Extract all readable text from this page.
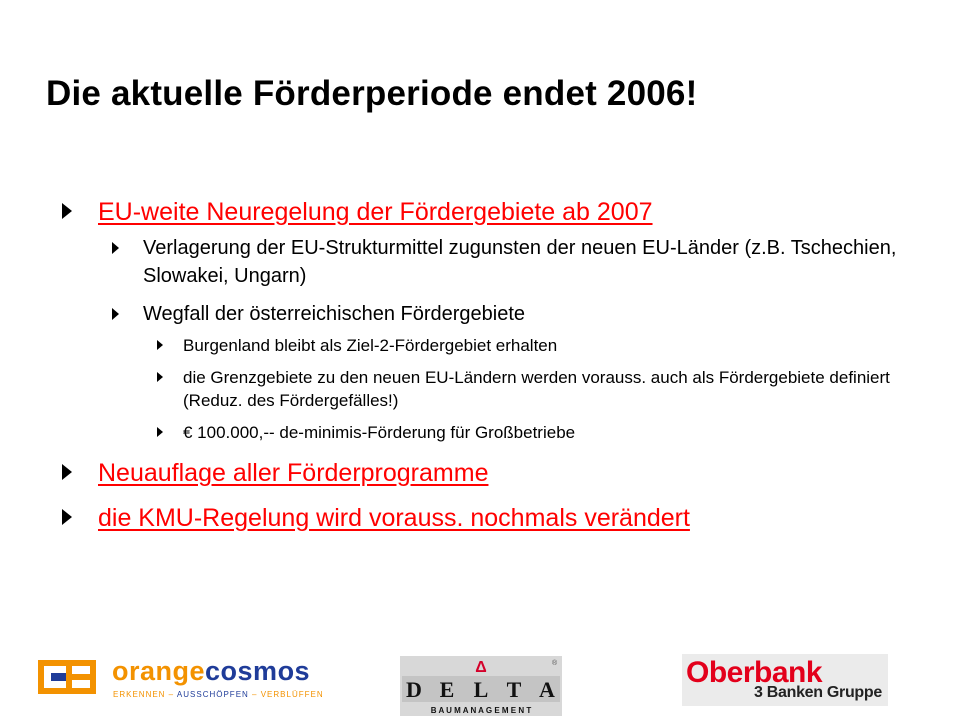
Die aktuelle Förderperiode endet 2006!
EU-weite Neuregelung der Fördergebiete ab 2007
Verlagerung der EU-Strukturmittel zugunsten der neuen EU-Länder (z.B. Tschechien, Slowakei, Ungarn)
Wegfall der österreichischen Fördergebiete
Burgenland bleibt als Ziel-2-Fördergebiet erhalten
die Grenzgebiete zu den neuen EU-Ländern werden vorauss. auch als Fördergebiete definiert (Reduz. des Fördergefälles!)
€ 100.000,-- de-minimis-Förderung für Großbetriebe
Neuauflage aller Förderprogramme
die KMU-Regelung wird vorauss. nochmals verändert
orangecosmos
ERKENNEN – AUSSCHÖPFEN – VERBLÜFFEN
Δ	®
D E L T A
B A U M A N A G E M E N T
Oberbank
3 Banken Gruppe
